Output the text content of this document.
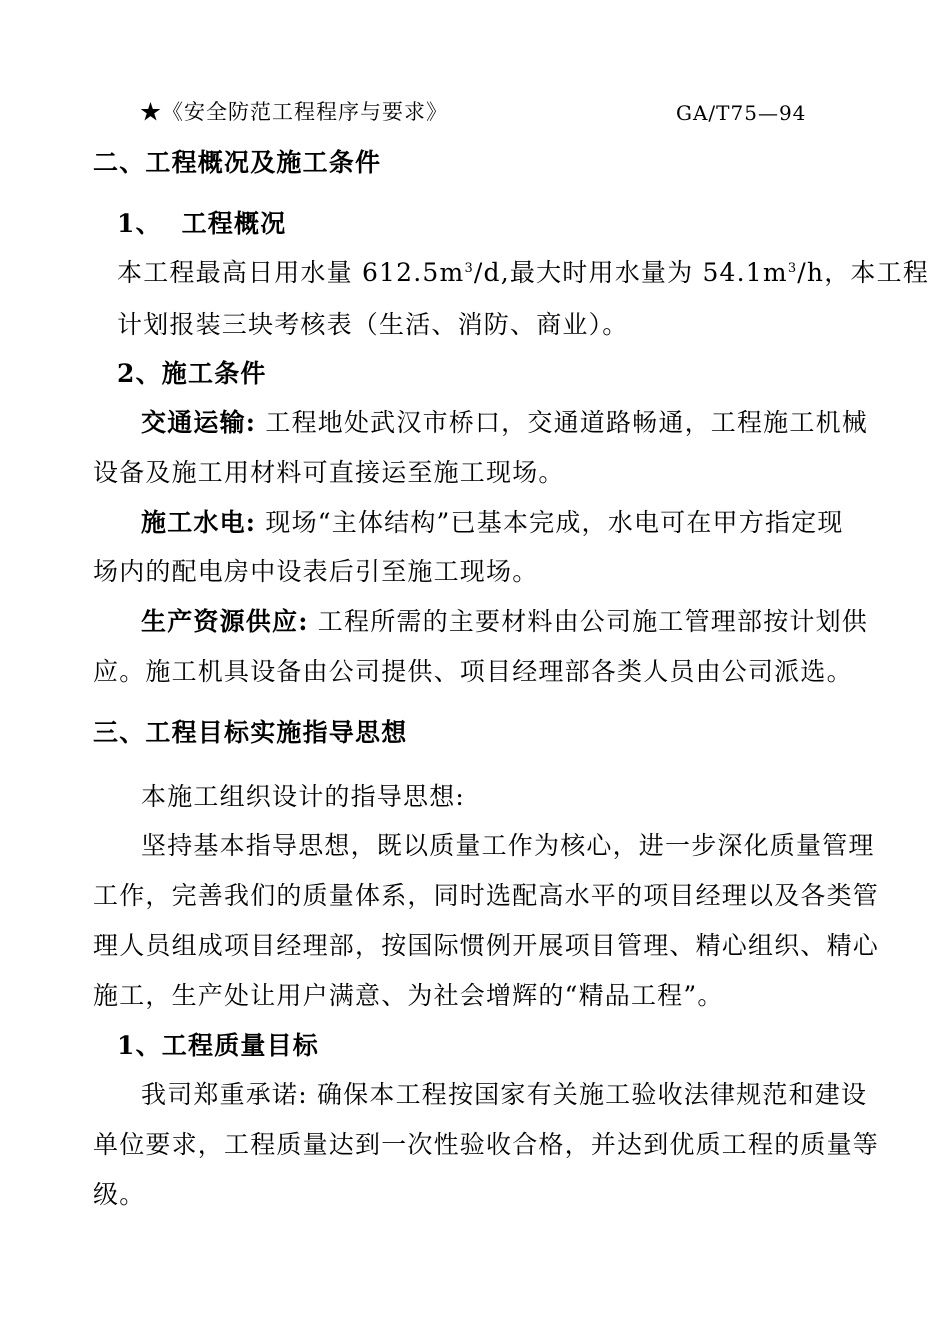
★《安全防范工程程序与要求》	GA/T75—94
二、工程概况及施工条件
1、  工程概况
本工程最高日用水量 $612.5m^3/d$,最大时用水量为 $54.1m^3/h$，本工程
计划报装三块考核表（生活、消防、商业）。
2、施工条件
交通运输: 工程地处武汉市桥口，交通道路畅通，工程施工机械
设备及施工用材料可直接运至施工现场。
施工水电: 现场“主体结构”已基本完成，水电可在甲方指定现
场内的配电房中设表后引至施工现场。
生产资源供应: 工程所需的主要材料由公司施工管理部按计划供
应。施工机具设备由公司提供、项目经理部各类人员由公司派选。
三、工程目标实施指导思想
本施工组织设计的指导思想:
坚持基本指导思想，既以质量工作为核心，进一步深化质量管理
工作，完善我们的质量体系，同时选配高水平的项目经理以及各类管
理人员组成项目经理部，按国际惯例开展项目管理、精心组织、精心
施工，生产处让用户满意、为社会增辉的“精品工程”。
1、工程质量目标
我司郑重承诺: 确保本工程按国家有关施工验收法律规范和建设
单位要求，工程质量达到一次性验收合格，并达到优质工程的质量等
级。
